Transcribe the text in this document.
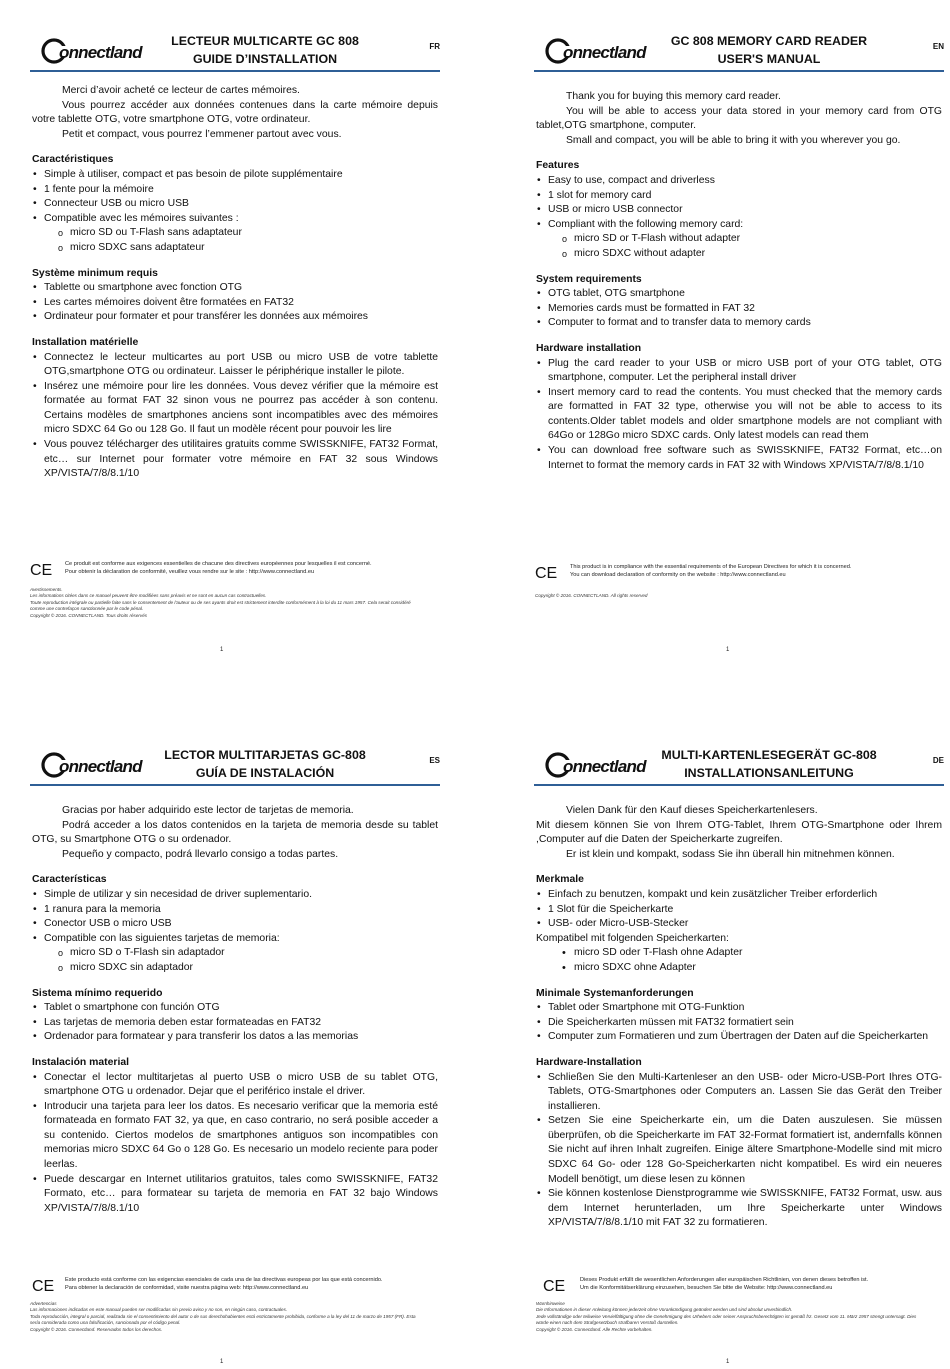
onnectland
LECTEUR MULTICARTE GC 808
GUIDE D’INSTALLATION
FR

Merci d’avoir acheté ce lecteur de cartes mémoires.

Vous pourrez accéder aux données contenues dans la carte mémoire depuis votre tablette OTG, votre smartphone OTG, votre ordinateur.

Petit et compact, vous pourrez l’emmener partout avec vous.

Caractéristiques
• Simple à utiliser, compact et pas besoin de pilote supplémentaire
• 1 fente pour la mémoire
• Connecteur USB ou micro USB
• Compatible avec les mémoires suivantes :
o micro SD ou T-Flash sans adaptateur
o micro SDXC sans adaptateur
Système minimum requis
• Tablette ou smartphone avec fonction OTG
• Les cartes mémoires doivent être formatées en FAT32
• Ordinateur pour formater et pour transférer les données aux mémoires
Installation matérielle
• Connectez le lecteur multicartes au port USB ou micro USB de votre tablette OTG,smartphone OTG ou ordinateur. Laisser le périphérique installer le pilote.
• Insérez une mémoire pour lire les données. Vous devez vérifier que la mémoire est formatée au format FAT 32 sinon vous ne pourrez pas accéder à son contenu. Certains modèles de smartphones anciens sont incompatibles avec des mémoires micro SDXC 64 Go ou 128 Go. Il faut un modèle récent pour pouvoir les lire
• Vous pouvez télécharger des utilitaires gratuits comme SWISSKNIFE, FAT32 Format, etc… sur Internet pour formater votre mémoire en FAT 32 sous Windows XP/VISTA/7/8/8.1/10
CE Ce produit est conforme aux exigences essentielles de chacune des directives européennes pour lesquelles il est concerné.
Pour obtenir la déclaration de conformité, veuillez vous rendre sur le site : http://www.connectland.eu
Avertissements.
Les informations citées dans ce manuel peuvent être modifiées sans préavis et ne sont en aucun cas contractuelles.
Toute reproduction intégrale ou partielle faite sans le consentement de l’auteur ou de ses ayants droit est strictement interdite conformément à la loi du 11 mars 1957. Cela serait considéré comme une contrefaçon sanctionnée par le code pénal.
Copyright © 2016. CONNECTLAND. Tous droits réservés
1
onnectland
GC 808 MEMORY CARD READER
USER'S MANUAL
EN

Thank you for buying this memory card reader.

You will be able to access your data stored in your memory card from OTG tablet,OTG smartphone, computer.

Small and compact, you will be able to bring it with you wherever you go.

Features
• Easy to use, compact and driverless
• 1 slot for memory card
• USB or micro USB connector
• Compliant with the following memory card:
o micro SD or T-Flash without adapter
o micro SDXC without adapter
System requirements
• OTG tablet, OTG smartphone
• Memories cards must be formatted in FAT 32
• Computer to format and to transfer data to memory cards
Hardware installation
• Plug the card reader to your USB or micro USB port of your OTG tablet, OTG smartphone, computer. Let the peripheral install driver
• Insert memory card to read the contents. You must checked that the memory cards are formatted in FAT 32 type, otherwise you will not be able to access to its contents.Older tablet models and older smartphone models are not compliant with 64Go or 128Go micro SDXC cards. Only latest models can read them
• You can download free software such as SWISSKNIFE, FAT32 Format, etc…on Internet to format the memory cards in FAT 32 with Windows XP/VISTA/7/8/8.1/10
CE This product is in compliance with the essential requirements of the European Directives for which it is concerned.
You can download declaration of conformity on the website : http://www.connectland.eu
Copyright © 2016. CONNECTLAND. All rights reserved
1
onnectland
LECTOR MULTITARJETAS GC-808
GUÍA DE INSTALACIÓN
ES

Gracias por haber adquirido este lector de tarjetas de memoria.

Podrá acceder a los datos contenidos en la tarjeta de memoria desde su tablet OTG, su Smartphone OTG o su ordenador.

Pequeño y compacto, podrá llevarlo consigo a todas partes.

Características
• Simple de utilizar y sin necesidad de driver suplementario.
• 1 ranura para la memoria
• Conector USB o micro USB
• Compatible con las siguientes tarjetas de memoria:
o micro SD o T-Flash sin adaptador
o micro SDXC sin adaptador
Sistema mínimo requerido
• Tablet o smartphone con función OTG
• Las tarjetas de memoria deben estar formateadas en FAT32
• Ordenador para formatear y para transferir los datos a las memorias
Instalación material
• Conectar el lector multitarjetas al puerto USB o micro USB de su tablet OTG, smartphone OTG u ordenador. Dejar que el periférico instale el driver.
• Introducir una tarjeta para leer los datos. Es necesario verificar que la memoria esté formateada en formato FAT 32, ya que, en caso contrario, no será posible acceder a su contenido. Ciertos modelos de smartphones antiguos son incompatibles con memorias micro SDXC 64 Go o 128 Go. Es necesario un modelo reciente para poder leerlas.
• Puede descargar en Internet utilitarios gratuitos, tales como SWISSKNIFE, FAT32 Formato, etc… para formatear su tarjeta de memoria en FAT 32 bajo Windows XP/VISTA/7/8/8.1/10
CE Este producto está conforme con las exigencias esenciales de cada una de las directivas europeas por las que está concernido.
Para obtener la declaración de conformidad, visite nuestra página web: http://www.connectland.eu
Advertencias
Las informaciones indicadas en este manual pueden ser modificadas sin previo aviso y no son, en ningún caso, contractuales.
Toda reproducción, integral o parcial, realizada sin el consentimiento del autor o de sus derechohabientes está estrictamente prohibida, conforme a la ley del 11 de marzo de 1957 (FR). Esta sería considerada como una falsificación, sancionada por el código penal.
Copyright © 2016. Connectland. Reservados todos los derechos.
1
onnectland
MULTI-KARTENLESEGERÄT GC-808
INSTALLATIONSANLEITUNG
DE

Vielen Dank für den Kauf dieses Speicherkartenlesers.

Mit diesem können Sie von Ihrem OTG-Tablet, Ihrem OTG-Smartphone oder Ihrem ,Computer auf die Daten der Speicherkarte zugreifen.

Er ist klein und kompakt, sodass Sie ihn überall hin mitnehmen können.

Merkmale
• Einfach zu benutzen, kompakt und kein zusätzlicher Treiber erforderlich
• 1 Slot für die Speicherkarte
• USB- oder Micro-USB-Stecker

Kompatibel mit folgenden Speicherkarten:

• micro SD oder T-Flash ohne Adapter
• micro SDXC ohne Adapter
Minimale Systemanforderungen
• Tablet oder Smartphone mit OTG-Funktion
• Die Speicherkarten müssen mit FAT32 formatiert sein
• Computer zum Formatieren und zum Übertragen der Daten auf die Speicherkarten
Hardware-Installation
• Schließen Sie den Multi-Kartenleser an den USB- oder Micro-USB-Port Ihres OTG-Tablets, OTG-Smartphones oder Computers an. Lassen Sie das Gerät den Treiber installieren.
• Setzen Sie eine Speicherkarte ein, um die Daten auszulesen. Sie müssen überprüfen, ob die Speicherkarte im FAT 32-Format formatiert ist, andernfalls können Sie nicht auf ihren Inhalt zugreifen. Einige ältere Smartphone-Modelle sind mit micro SDXC 64 Go- oder 128 Go-Speicherkarten nicht kompatibel. Es wird ein neueres Modell benötigt, um diese lesen zu können
• Sie können kostenlose Dienstprogramme wie SWISSKNIFE, FAT32 Format, usw. aus dem Internet herunterladen, um Ihre Speicherkarte unter Windows XP/VISTA/7/8/8.1/10 mit FAT 32 zu formatieren.
CE	Dieses Produkt erfüllt die wesentlichen Anforderungen aller europäischen Richtlinien, von denen dieses betroffen ist.
Um die Konformitätserklärung einzusehen, besuchen Sie bitte die Website: http://www.connectland.eu
Warnhinweise
Die Informationen in dieser Anleitung können jederzeit ohne Vorankündigung geändert werden und sind absolut unverbindlich.
Jede vollständige oder teilweise Vervielfältigung ohne die Genehmigung des Urhebers oder seiner Anspruchsberechtigten ist gemäß frz. Gesetz vom 11. März 1957 strengt untersagt. Dies würde einen nach dem Strafgesetzbuch strafbaren Verstoß darstellen.
Copyright © 2016. Connectland. Alle Rechte vorbehalten.
1
